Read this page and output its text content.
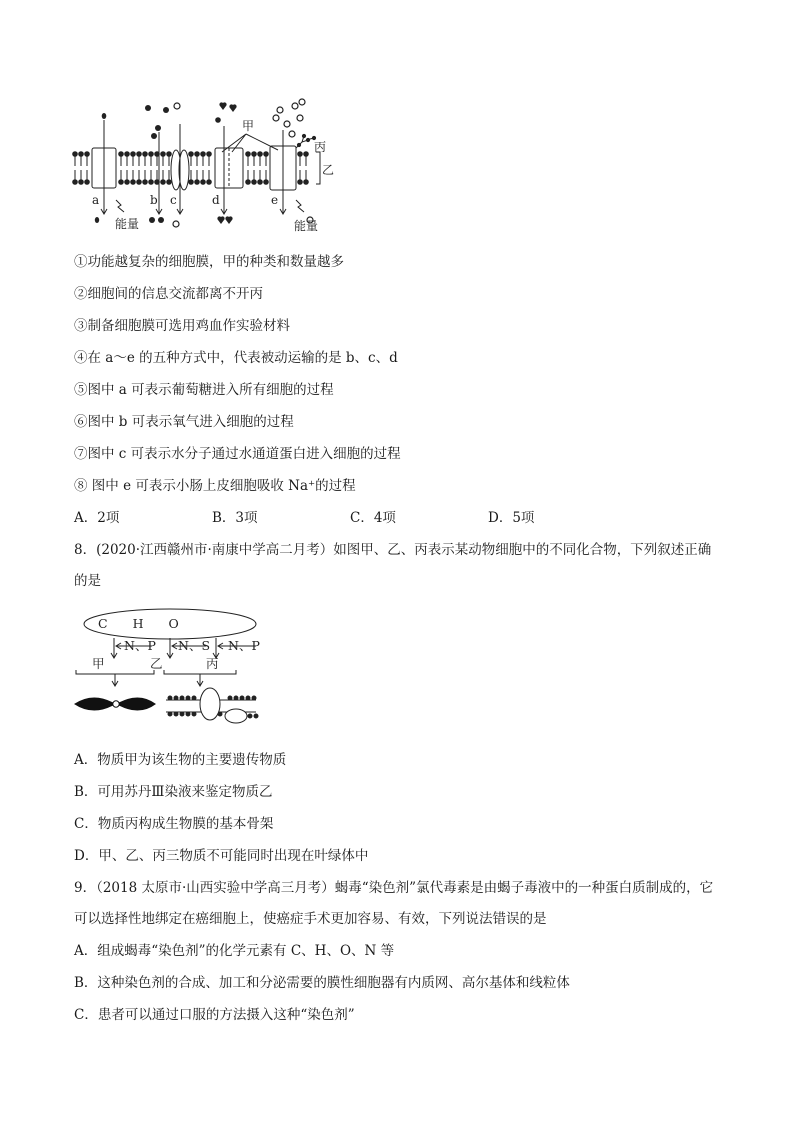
甲
丙
乙
a	b c	d	e
能量	能量
①功能越复杂的细胞膜，甲的种类和数量越多
②细胞间的信息交流都离不开丙
③制备细胞膜可选用鸡血作实验材料
④在 a～e 的五种方式中，代表被动运输的是 b、c、d
⑤图中 a 可表示葡萄糖进入所有细胞的过程
⑥图中 b 可表示氧气进入细胞的过程
⑦图中 c 可表示水分子通过水通道蛋白进入细胞的过程
⑧ 图中 e 可表示小肠上皮细胞吸收 Na⁺的过程
A．2项	B．3项	C．4项	D．5项
8．(2020·江西赣州市·南康中学高二月考）如图甲、乙、丙表示某动物细胞中的不同化合物，下列叙述正确
的是
C　　H　　O
N、P N、S N、P
甲	乙	丙
A．物质甲为该生物的主要遗传物质
B．可用苏丹Ⅲ染液来鉴定物质乙
C．物质丙构成生物膜的基本骨架
D．甲、乙、丙三物质不可能同时出现在叶绿体中
9．（2018 太原市·山西实验中学高三月考）蝎毒“染色剂”氯代毒素是由蝎子毒液中的一种蛋白质制成的，它
可以选择性地绑定在癌细胞上，使癌症手术更加容易、有效，下列说法错误的是
A．组成蝎毒“染色剂”的化学元素有 C、H、O、N 等
B．这种染色剂的合成、加工和分泌需要的膜性细胞器有内质网、高尔基体和线粒体
C．患者可以通过口服的方法摄入这种“染色剂”
